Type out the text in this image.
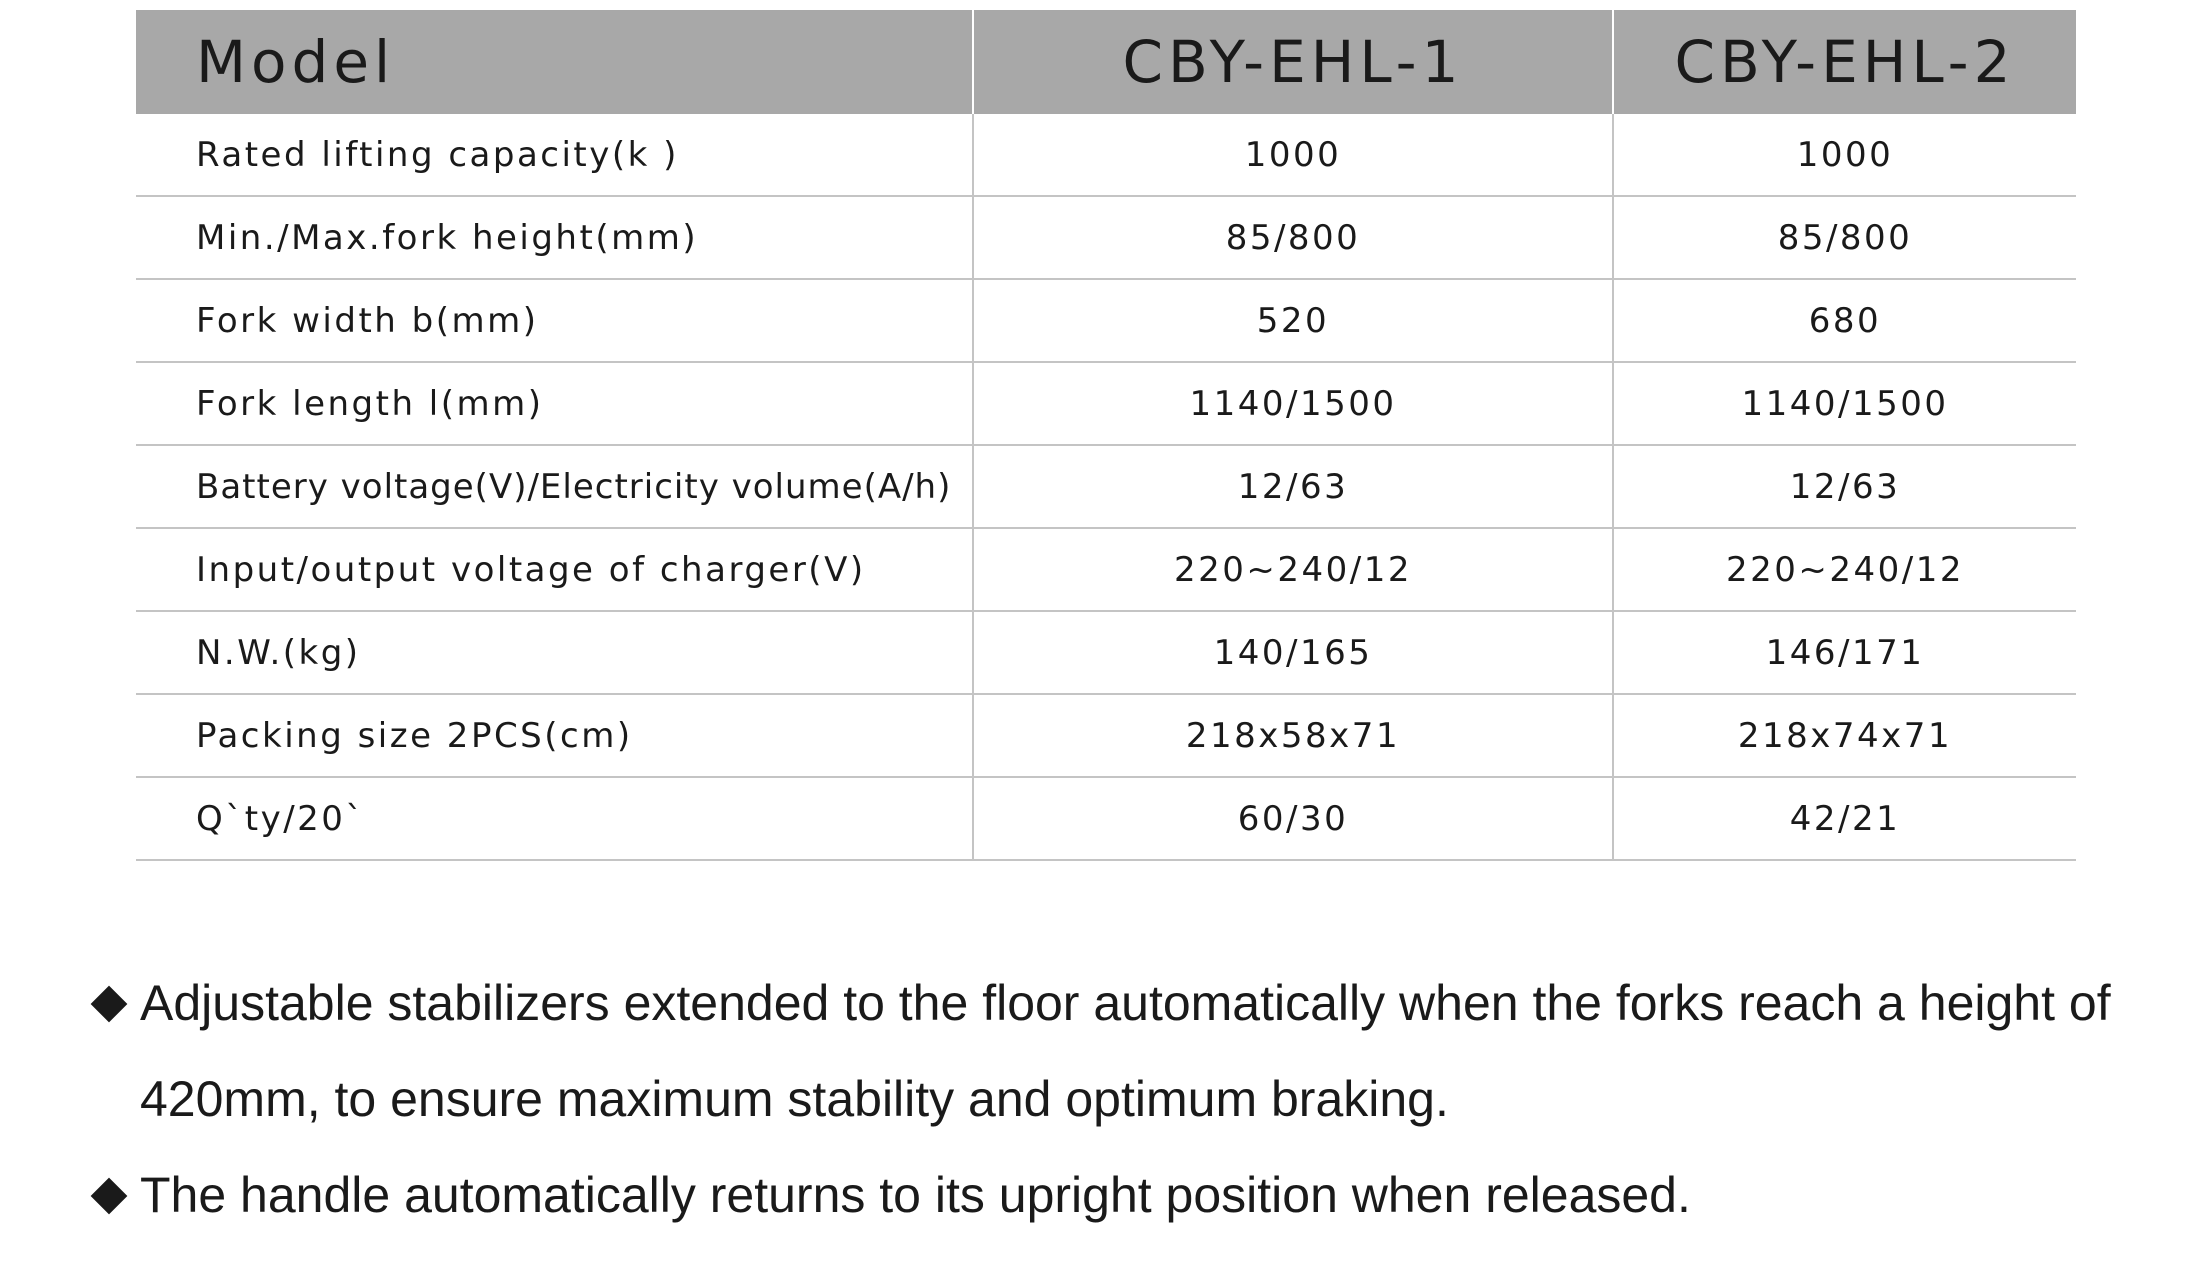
Model	CBY-EHL-1	CBY-EHL-2
Rated lifting capacity(k )	1000	1000
Min./Max.fork height(mm)	85/800	85/800
Fork width b(mm)	520	680
Fork length l(mm)	1140/1500	1140/1500
Battery voltage(V)/Electricity volume(A/h)	12/63	12/63
Input/output voltage of charger(V)	220~240/12	220~240/12
N.W.(kg)	140/165	146/171
Packing size 2PCS(cm)	218x58x71	218x74x71
Q`ty/20`	60/30	42/21
Adjustable stabilizers extended to the floor automatically when the forks reach a height of 420mm, to ensure maximum stability and optimum braking.
The handle automatically returns to its upright position when released.
